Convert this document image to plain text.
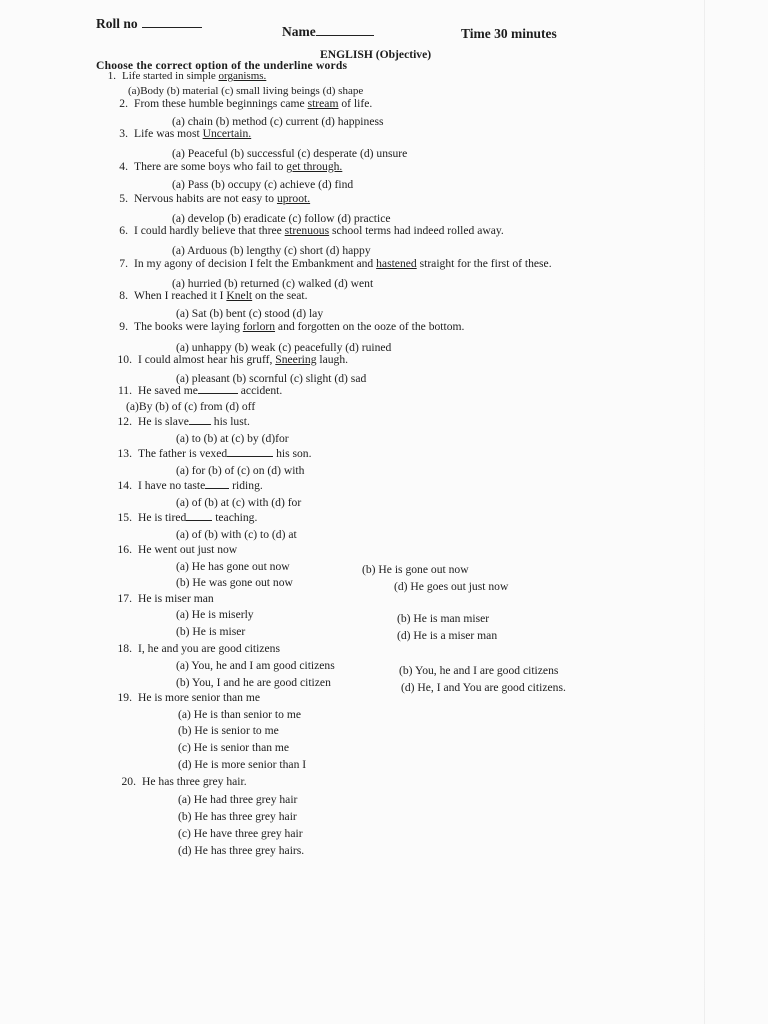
Roll no
Name	Time 30 minutes
ENGLISH (Objective)
Choose the correct option of the underline words
1. Life started in simple organisms.
(a)Body (b) material (c) small living beings (d) shape
2. From these humble beginnings came stream of life.
(a) chain (b) method (c) current (d) happiness
3. Life was most Uncertain.
(a) Peaceful (b) successful (c) desperate (d) unsure
4. There are some boys who fail to get through.
(a) Pass (b) occupy (c) achieve (d) find
5. Nervous habits are not easy to uproot.
(a) develop (b) eradicate (c) follow (d) practice
6. I could hardly believe that three strenuous school terms had indeed rolled away.
(a) Arduous (b) lengthy (c) short (d) happy
7. In my agony of decision I felt the Embankment and hastened straight for the first of these.
(a) hurried (b) returned (c) walked (d) went
8. When I reached it I Knelt on the seat.
(a) Sat (b) bent (c) stood (d) lay
9. The books were laying forlorn and forgotten on the ooze of the bottom.
(a) unhappy (b) weak (c) peacefully (d) ruined
10. I could almost hear his gruff, Sneering laugh.
(a) pleasant (b) scornful (c) slight (d) sad
11. He saved me	accident.
(a)By (b) of (c) from (d) off
12. He is slave his lust.
(a) to (b) at (c) by (d)for
13. The father is vexed	his son.
(a) for (b) of (c) on (d) with
14. I have no taste riding.
(a) of (b) at (c) with (d) for
15. He is tired teaching.
(a) of (b) with (c) to (d) at
16. He went out just now
(a) He has gone out now	(b) He is gone out now
(b) He was gone out now	(d) He goes out just now
17. He is miser man
(a) He is miserly	(b) He is man miser
(b) He is miser	(d) He is a miser man
18. I, he and you are good citizens
(a) You, he and I am good citizens	(b) You, he and I are good citizens
(b) You, I and he are good citizen	(d) He, I and You are good citizens.
19. He is more senior than me
(a) He is than senior to me
(b) He is senior to me
(c) He is senior than me
(d) He is more senior than I
20. He has three grey hair.
(a) He had three grey hair
(b) He has three grey hair
(c) He have three grey hair
(d) He has three grey hairs.
